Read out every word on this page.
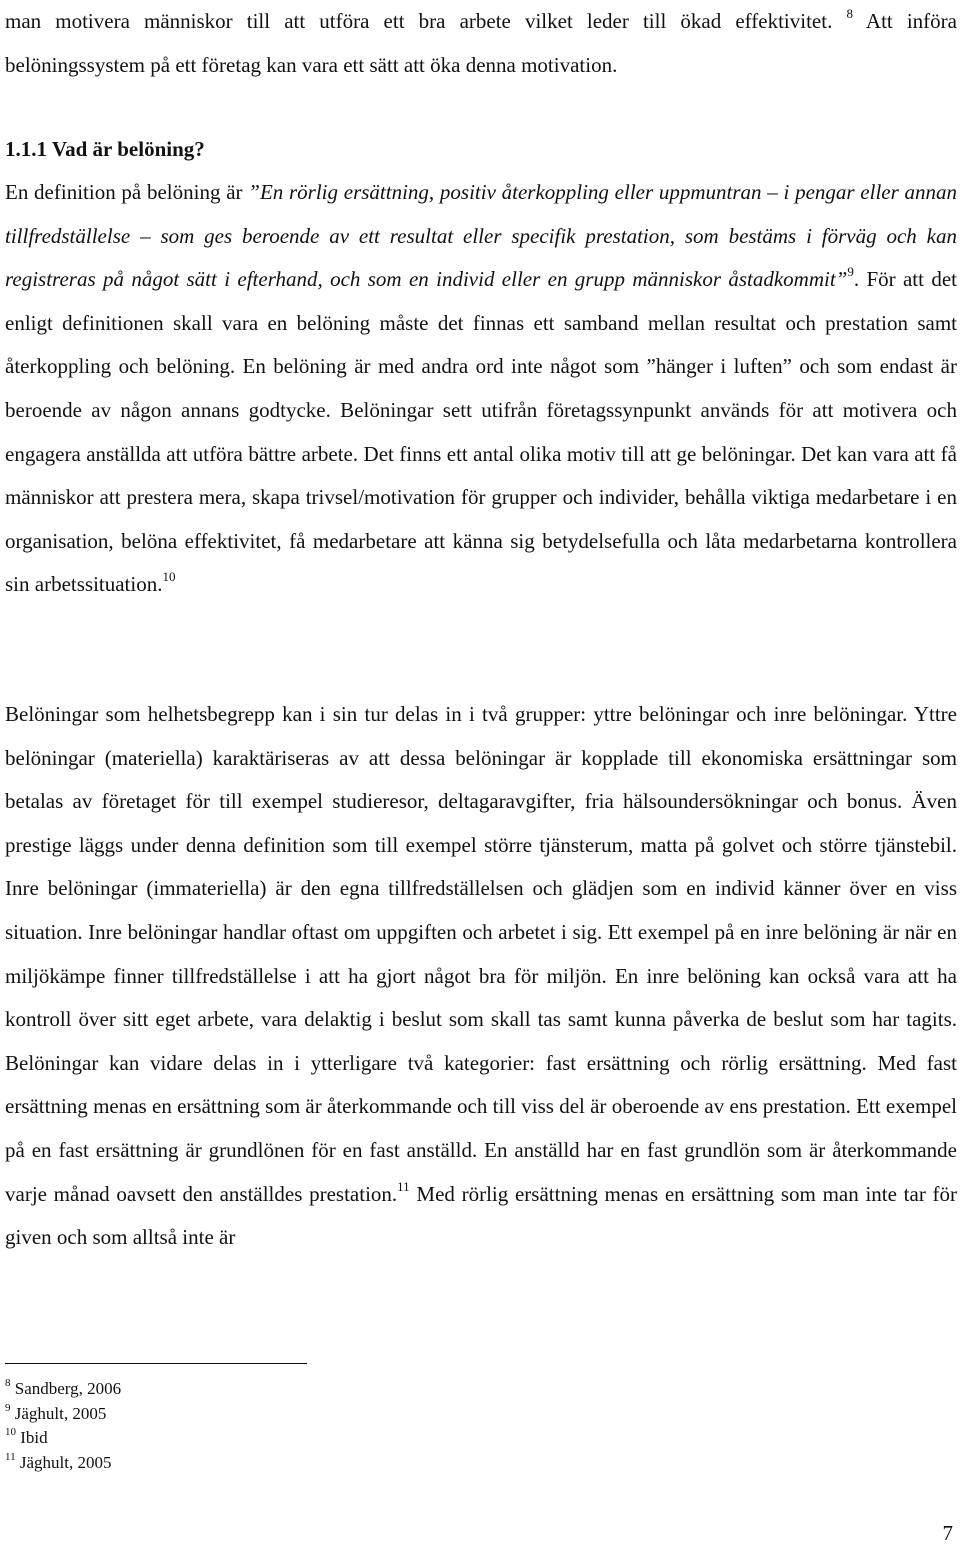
man motivera människor till att utföra ett bra arbete vilket leder till ökad effektivitet. $^8$ Att införa belöningssystem på ett företag kan vara ett sätt att öka denna motivation.

1.1.1 Vad är belöning?

En definition på belöning är ”En rörlig ersättning, positiv återkoppling eller uppmuntran – i pengar eller annan tillfredställelse – som ges beroende av ett resultat eller specifik prestation, som bestäms i förväg och kan registreras på något sätt i efterhand, och som en individ eller en grupp människor åstadkommit”$^9$. För att det enligt definitionen skall vara en belöning måste det finnas ett samband mellan resultat och prestation samt återkoppling och belöning. En belöning är med andra ord inte något som ”hänger i luften” och som endast är beroende av någon annans godtycke. Belöningar sett utifrån företagssynpunkt används för att motivera och engagera anställda att utföra bättre arbete. Det finns ett antal olika motiv till att ge belöningar. Det kan vara att få människor att prestera mera, skapa trivsel/motivation för grupper och individer, behålla viktiga medarbetare i en organisation, belöna effektivitet, få medarbetare att känna sig betydelsefulla och låta medarbetarna kontrollera sin arbetssituation.$^{10}$

Belöningar som helhetsbegrepp kan i sin tur delas in i två grupper: yttre belöningar och inre belöningar. Yttre belöningar (materiella) karaktäriseras av att dessa belöningar är kopplade till ekonomiska ersättningar som betalas av företaget för till exempel studieresor, deltagaravgifter, fria hälsoundersökningar och bonus. Även prestige läggs under denna definition som till exempel större tjänsterum, matta på golvet och större tjänstebil. Inre belöningar (immateriella) är den egna tillfredställelsen och glädjen som en individ känner över en viss situation. Inre belöningar handlar oftast om uppgiften och arbetet i sig. Ett exempel på en inre belöning är när en miljökämpe finner tillfredställelse i att ha gjort något bra för miljön. En inre belöning kan också vara att ha kontroll över sitt eget arbete, vara delaktig i beslut som skall tas samt kunna påverka de beslut som har tagits. Belöningar kan vidare delas in i ytterligare två kategorier: fast ersättning och rörlig ersättning. Med fast ersättning menas en ersättning som är återkommande och till viss del är oberoende av ens prestation. Ett exempel på en fast ersättning är grundlönen för en fast anställd. En anställd har en fast grundlön som är återkommande varje månad oavsett den anställdes prestation.$^{11}$ Med rörlig ersättning menas en ersättning som man inte tar för given och som alltså inte är

$^8$ Sandberg, 2006
$^9$ Jäghult, 2005
$^{10}$ Ibid
$^{11}$ Jäghult, 2005

7
